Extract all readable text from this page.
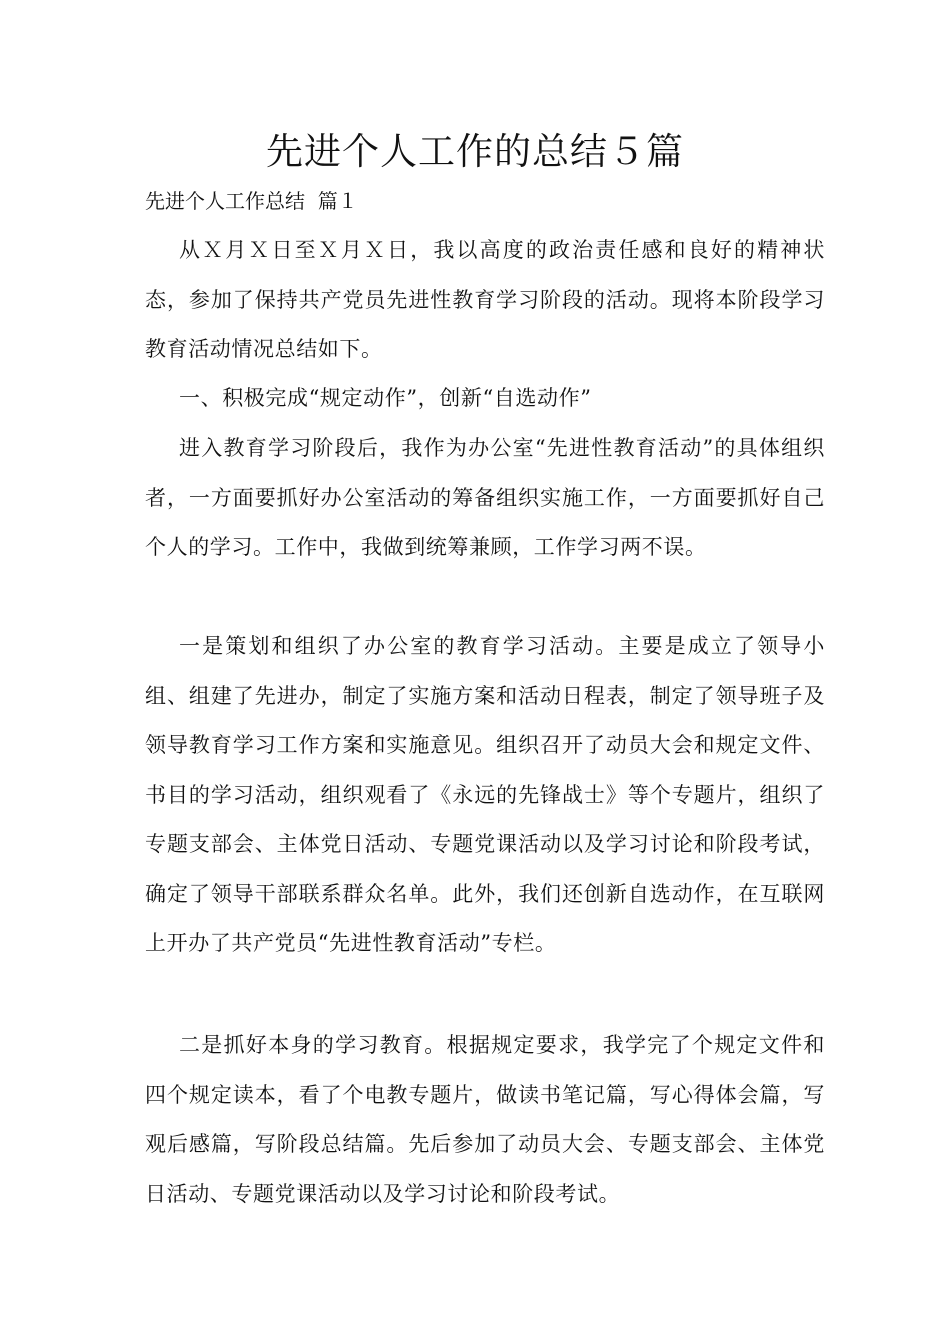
先进个人工作的总结５篇

先进个人工作总结  篇１

从Ｘ月Ｘ日至Ｘ月Ｘ日，我以高度的政治责任感和良好的精神状态，参加了保持共产党员先进性教育学习阶段的活动。现将本阶段学习教育活动情况总结如下。

一、积极完成“规定动作”，创新“自选动作”

进入教育学习阶段后，我作为办公室“先进性教育活动”的具体组织者，一方面要抓好办公室活动的筹备组织实施工作，一方面要抓好自己个人的学习。工作中，我做到统筹兼顾，工作学习两不误。

一是策划和组织了办公室的教育学习活动。主要是成立了领导小组、组建了先进办，制定了实施方案和活动日程表，制定了领导班子及领导教育学习工作方案和实施意见。组织召开了动员大会和规定文件、书目的学习活动，组织观看了《永远的先锋战士》等个专题片，组织了专题支部会、主体党日活动、专题党课活动以及学习讨论和阶段考试，确定了领导干部联系群众名单。此外，我们还创新自选动作，在互联网上开办了共产党员“先进性教育活动”专栏。

二是抓好本身的学习教育。根据规定要求，我学完了个规定文件和四个规定读本，看了个电教专题片，做读书笔记篇，写心得体会篇，写观后感篇，写阶段总结篇。先后参加了动员大会、专题支部会、主体党日活动、专题党课活动以及学习讨论和阶段考试。
